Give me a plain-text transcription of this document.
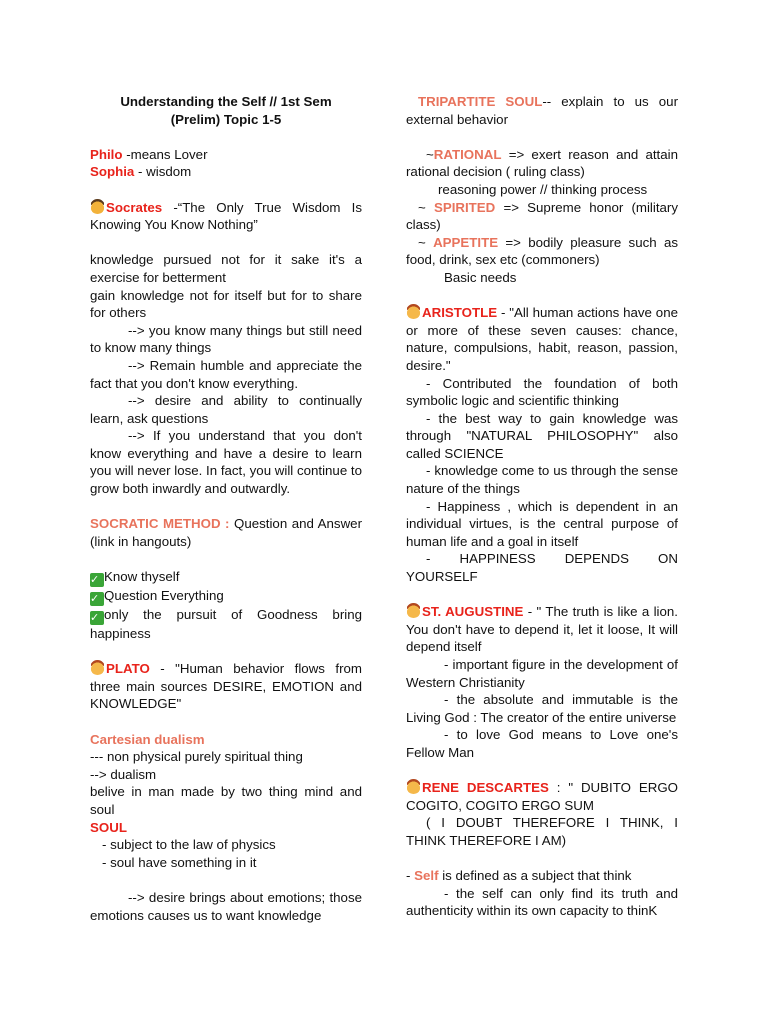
Understanding the Self // 1st Sem

(Prelim) Topic 1-5

Philo -means Lover

Sophia - wisdom

Socrates -“The Only True Wisdom Is Knowing You Know Nothing”

knowledge pursued not for it sake it's a exercise for betterment

gain knowledge not for itself but for to share for others

--> you know many things but still need to know many things

--> Remain humble and appreciate the fact that you don't know everything.

--> desire and ability to continually learn, ask questions

--> If you understand that you don't know everything and have a desire to learn you will never lose. In fact, you will continue to grow both inwardly and outwardly.

SOCRATIC METHOD : Question and Answer (link in hangouts)

✓ Know thyself

✓ Question Everything

✓ only the pursuit of Goodness bring happiness

PLATO - "Human behavior flows from three main sources DESIRE, EMOTION and KNOWLEDGE"

Cartesian dualism

--- non physical purely spiritual thing

--> dualism

belive in man made by two thing mind and soul

SOUL

- subject to the law of physics

- soul have something in it

--> desire brings about emotions; those emotions causes us to want knowledge

TRIPARTITE SOUL-- explain to us our external behavior

~RATIONAL => exert reason and attain rational decision ( ruling class)

reasoning power // thinking process

~ SPIRITED => Supreme honor (military class)

~ APPETITE => bodily pleasure such as food, drink, sex etc (commoners)

Basic needs

ARISTOTLE - "All human actions have one or more of these seven causes: chance, nature, compulsions, habit, reason, passion, desire."

- Contributed the foundation of both symbolic logic and scientific thinking

- the best way to gain knowledge was through "NATURAL PHILOSOPHY" also called SCIENCE

- knowledge come to us through the sense nature of the things

- Happiness , which is dependent in an individual virtues, is the central purpose of human life and a goal in itself

- HAPPINESS DEPENDS ON

YOURSELF

ST. AUGUSTINE - " The truth is like a lion. You don't have to depend it, let it loose, It will depend itself

- important figure in the development of Western Christianity

- the absolute and immutable is the Living God : The creator of the entire universe

- to love God means to Love one's Fellow Man

RENE DESCARTES : " DUBITO ERGO COGITO, COGITO ERGO SUM

( I DOUBT THEREFORE I THINK, I THINK THEREFORE I AM)

- Self is defined as a subject that think

- the self can only find its truth and authenticity within its own capacity to thinK
